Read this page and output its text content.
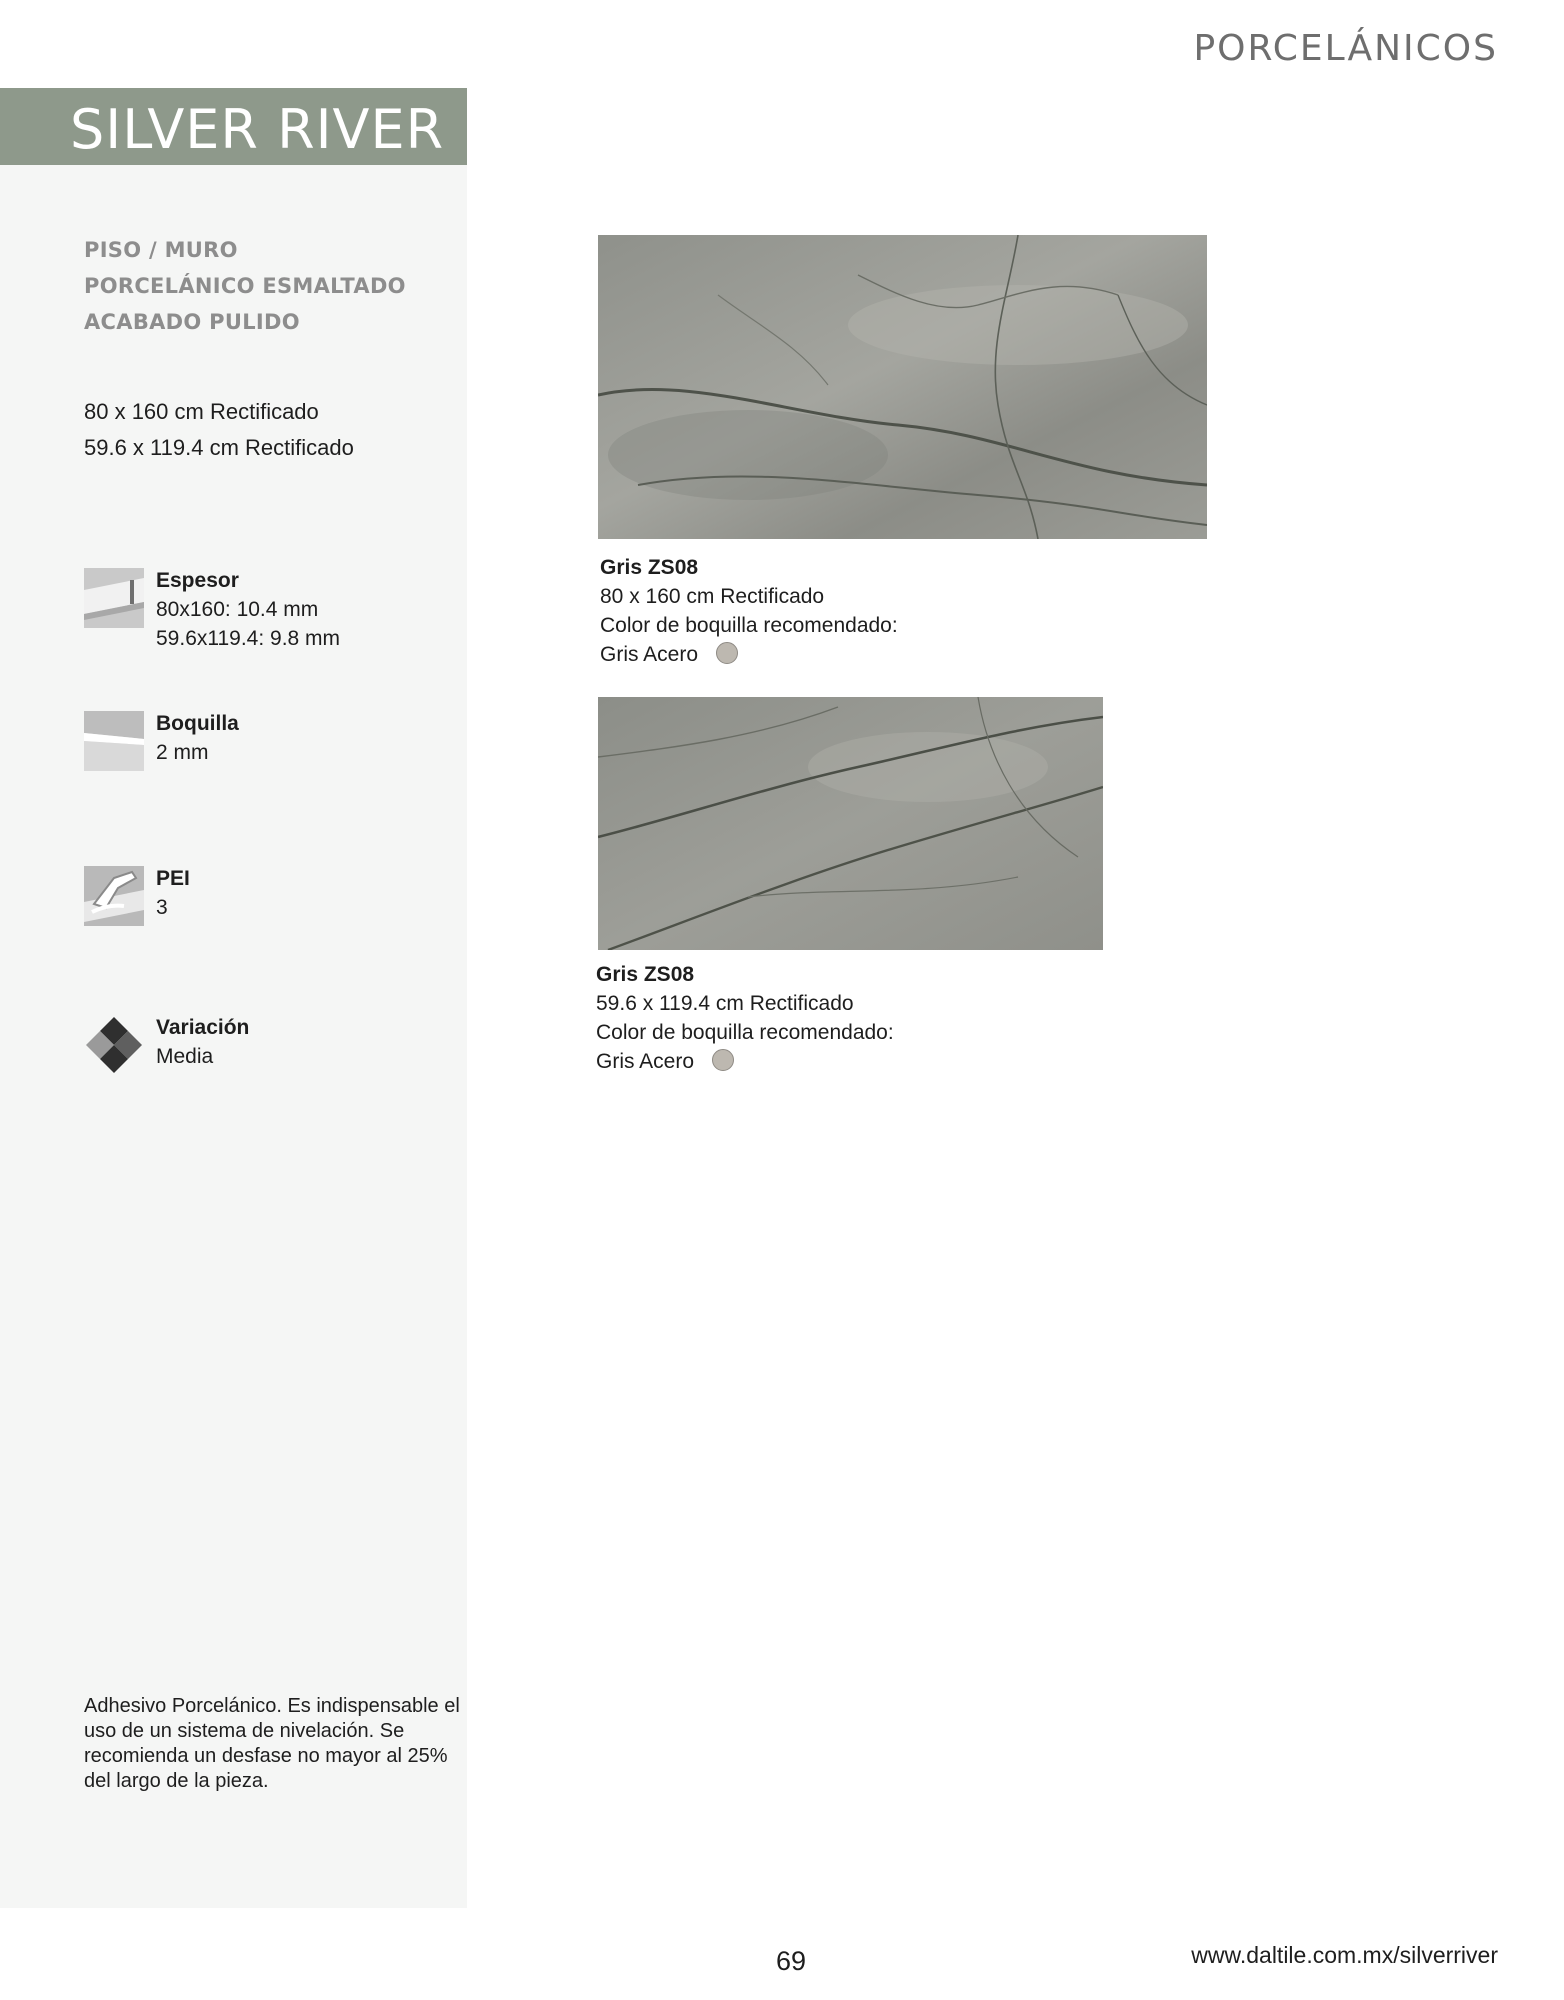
PORCELÁNICOS
SILVER RIVER
PISO / MURO
PORCELÁNICO ESMALTADO
ACABADO PULIDO
80 x 160 cm Rectificado
59.6 x 119.4 cm Rectificado
Espesor
80x160: 10.4 mm
59.6x119.4: 9.8 mm
Boquilla
2 mm
PEI
3
Variación
Media
Adhesivo Porcelánico. Es indispensable el uso de un sistema de nivelación. Se recomienda un desfase no mayor al 25% del largo de la pieza.
Gris ZS08
80 x 160 cm Rectificado
Color de boquilla recomendado:
Gris Acero
Gris ZS08
59.6 x 119.4 cm Rectificado
Color de boquilla recomendado:
Gris Acero
69	www.daltile.com.mx/silverriver
